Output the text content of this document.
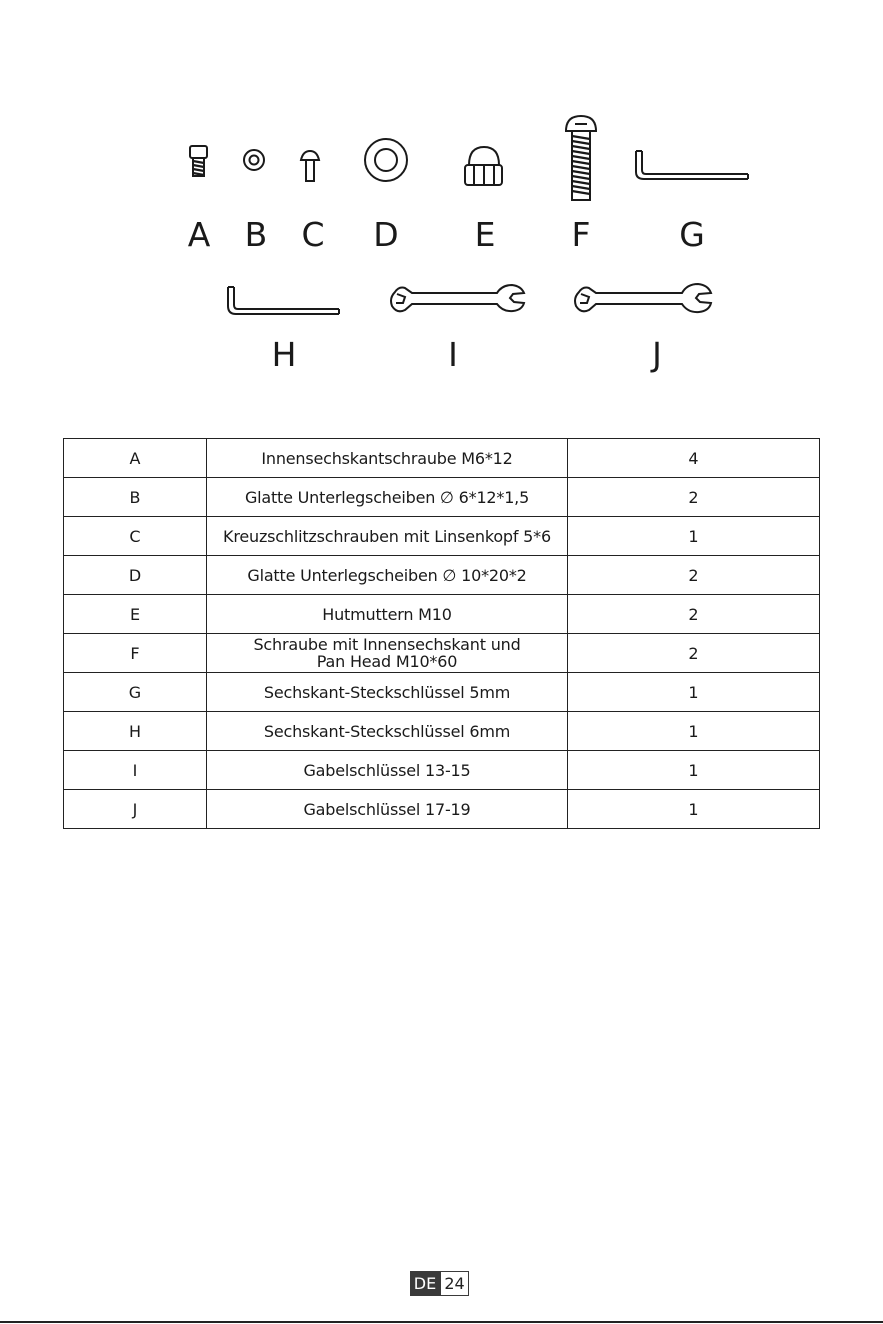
A B C D E F	G
H	I	J
A	Innensechskantschraube M6*12	4
B	Glatte Unterlegscheiben ∅ 6*12*1,5	2
C	Kreuzschlitzschrauben mit Linsenkopf 5*6	1
D	Glatte Unterlegscheiben ∅ 10*20*2	2
E	Hutmuttern M10	2
F	Schraube mit Innensechskant und Pan Head M10*60	2
G	Sechskant-Steckschlüssel 5mm	1
H	Sechskant-Steckschlüssel 6mm	1
I	Gabelschlüssel 13-15	1
J	Gabelschlüssel 17-19	1
DE 24
